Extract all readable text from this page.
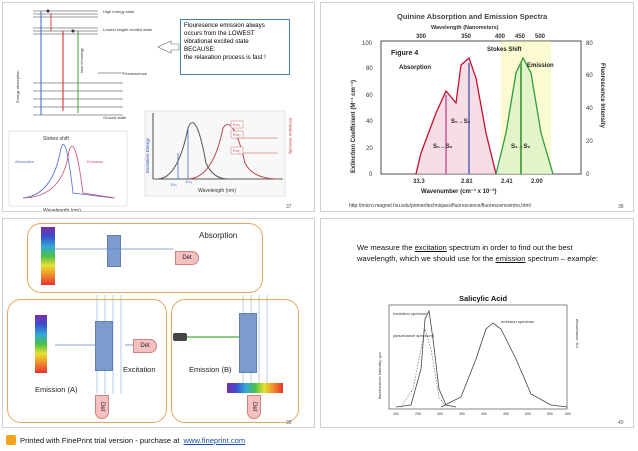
Energy absorption
loss of energy
High energy state
Lowest singlet excited state
Fluorescence
Ground state
Stokes shift
Absorption	Emission
Wavelength (nm)
Em₁
Em₂
Em₃
Ex₁
Ex₂
Excitation Energy
Emission Intensity
Wavelength (nm)
Flouresence emission always
occurs from the LOWEST
vibrational excited state
BECAUSE:
the relaxation process is fast !
37
Quinine Absorption and Emission Spectra
Wavelength (Nanometers)
0
20
40
60
80
100
0
20
40
60
80
300	350	400 450 500
33.3	2.81	2.41	2.00
Wavenumber (cm⁻¹ x 10⁻³)
Extinction Coefficient (M⁻¹ cm⁻¹)	Fluorescence Intensity
Figure 4
Absorption	Emission
Stokes Shift
S₀→S₁
S₀→S₂	S₁→S₀
http://micro.magnet.fsu.edu/primer/techniques/fluorescence/fluorescenceintro.html	38
Det
Absorption
Det
Det
Excitation
Emission (A)
Emission (B)
Det
39
We measure the excitation spectrum in order to find out the best wavelength, which we should use for the emission spectrum – example:
Salicylic Acid
excitation spectrum
emission spectrum
(absorbance spectrum)
fluorescence intensity, cps
Absorbance, AU
200	250	300	350	400	450	500	550	600
40
Printed with FinePrint trial version - purchase at www.fineprint.com
